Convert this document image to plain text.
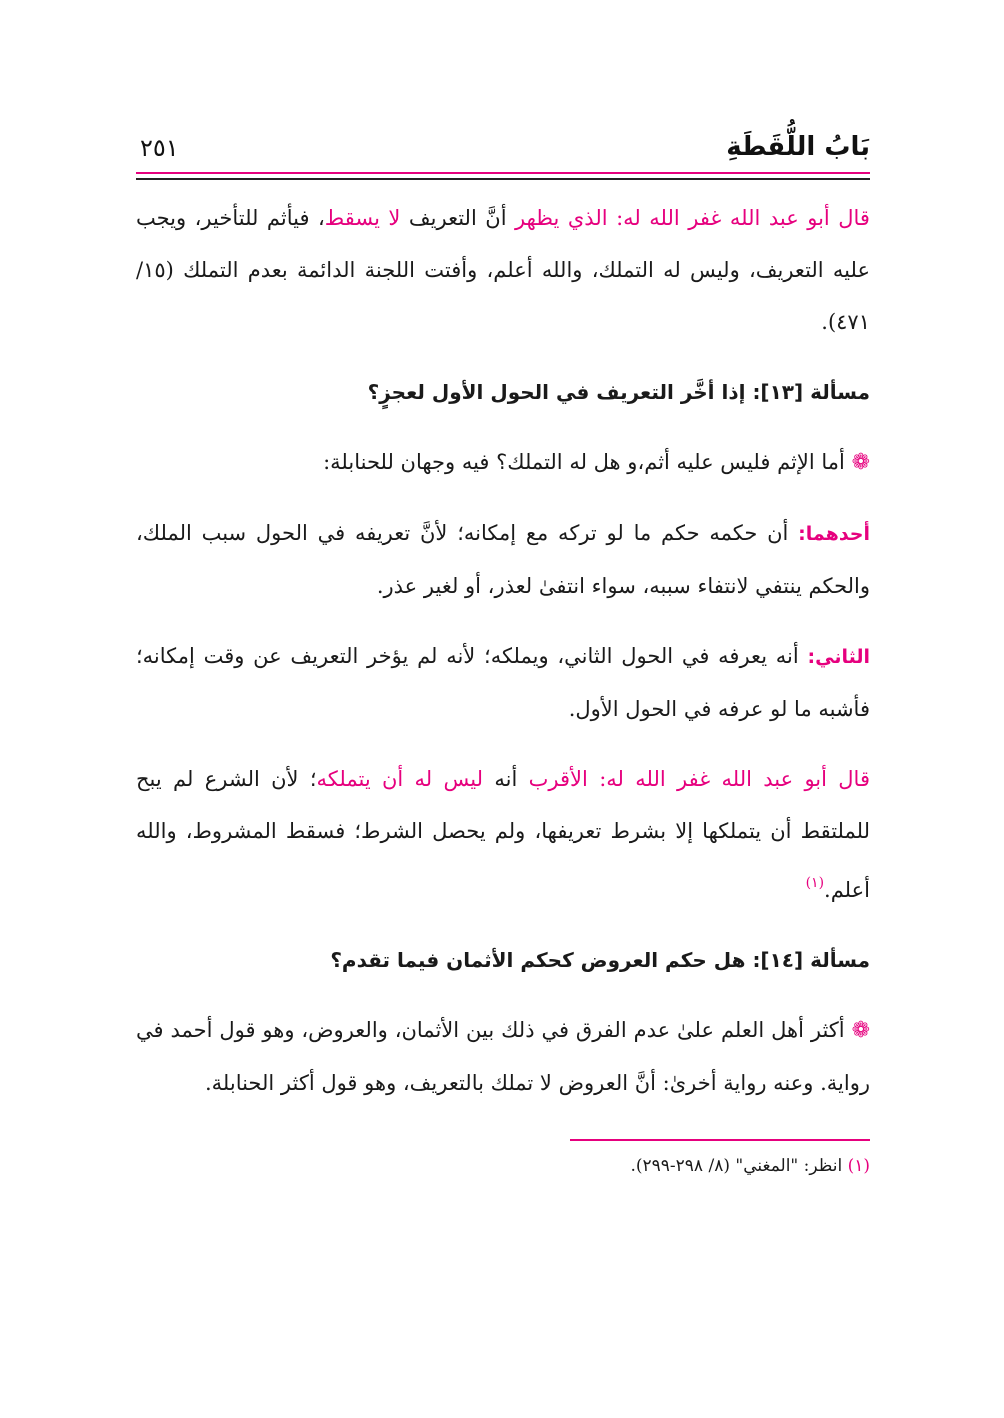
بَابُ اللُّقَطَةِ
٢٥١

قال أبو عبد الله غفر الله له: الذي يظهر أنَّ التعريف لا يسقط، فيأثم للتأخير، ويجب عليه التعريف، وليس له التملك، والله أعلم، وأفتت اللجنة الدائمة بعدم التملك (١٥/ ٤٧١).

مسألة [١٣]: إذا أخَّر التعريف في الحول الأول لعجزٍ؟

❁ أما الإثم فليس عليه أثم،و هل له التملك؟ فيه وجهان للحنابلة:

أحدهما: أن حكمه حكم ما لو تركه مع إمكانه؛ لأنَّ تعريفه في الحول سبب الملك، والحكم ينتفي لانتفاء سببه، سواء انتفىٰ لعذر، أو لغير عذر.

الثاني: أنه يعرفه في الحول الثاني، ويملكه؛ لأنه لم يؤخر التعريف عن وقت إمكانه؛ فأشبه ما لو عرفه في الحول الأول.

قال أبو عبد الله غفر الله له: الأقرب أنه ليس له أن يتملكه؛ لأن الشرع لم يبح للملتقط أن يتملكها إلا بشرط تعريفها، ولم يحصل الشرط؛ فسقط المشروط، والله أعلم.$^{(١)}$

مسألة [١٤]: هل حكم العروض كحكم الأثمان فيما تقدم؟

❁ أكثر أهل العلم علىٰ عدم الفرق في ذلك بين الأثمان، والعروض، وهو قول أحمد في رواية. وعنه رواية أخرىٰ: أنَّ العروض لا تملك بالتعريف، وهو قول أكثر الحنابلة.

(١) انظر: "المغني" (٨/ ٢٩٨-٢٩٩).
